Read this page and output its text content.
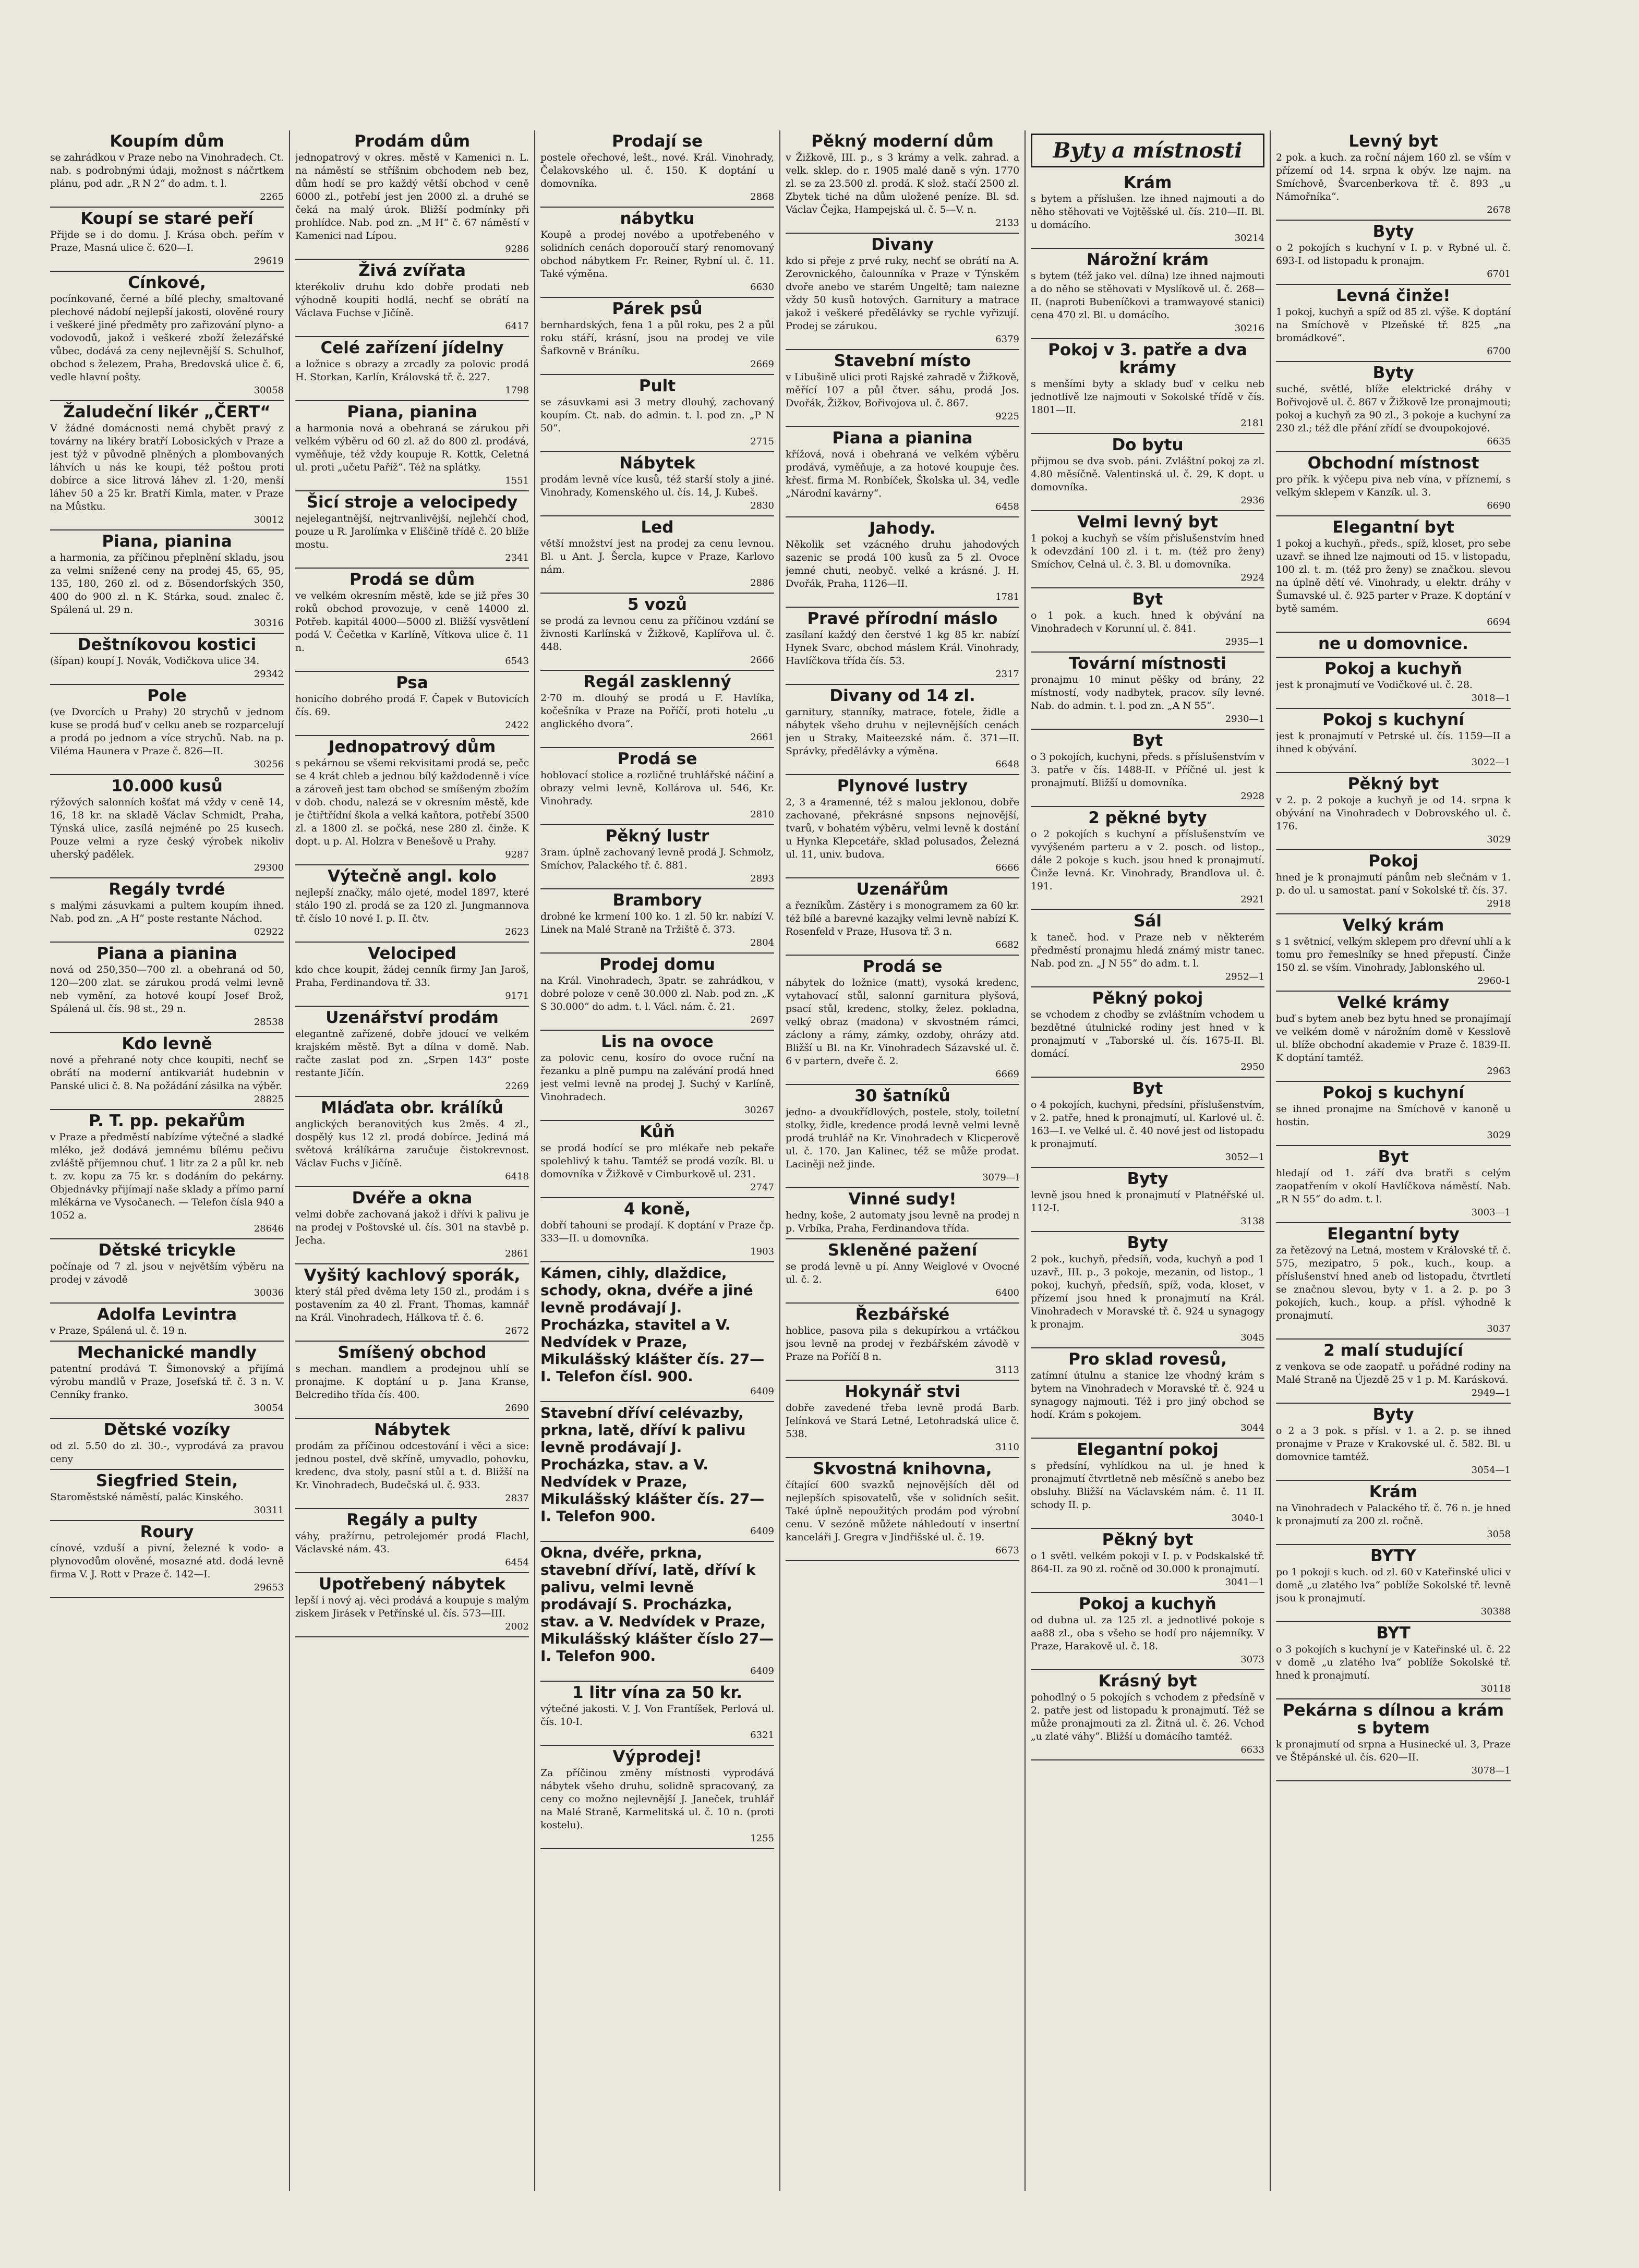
Koupím dům
se zahrádkou v Praze nebo na Vinohradech. Ct. nab. s podrobnými údaji, možnost s náčrtkem plánu, pod adr. „R N 2“ do adm. t. l.
2265
Koupí se staré peří
Přijde se i do domu. J. Krása obch. peřím v Praze, Masná ulice č. 620—I.
29619
Cínkové,
pocínkované, černé a bílé plechy, smaltované plechové nádobí nejlepší jakosti, olověné roury i veškeré jiné předměty pro zařizování plyno- a vodovodů, jakož i veškeré zboží železářské vůbec, dodává za ceny nejlevnější S. Schulhof, obchod s železem, Praha, Bredovská ulice č. 6, vedle hlavní pošty.
30058
Žaludeční likér „ČERT“
V žádné domácnosti nemá chybět pravý z továrny na likéry bratří Lobosických v Praze a jest týž v původně plněných a plombovaných láhvích u nás ke koupi, též poštou proti dobírce a sice litrová láhev zl. 1·20, menší láhev 50 a 25 kr. Bratří Kimla, mater. v Praze na Můstku.
30012
Piana, pianina
a harmonia, za příčinou přeplnění skladu, jsou za velmi snížené ceny na prodej 45, 65, 95, 135, 180, 260 zl. od z. Bösendorfských 350, 400 do 900 zl. n K. Stárka, soud. znalec č. Spálená ul. 29 n.
30316
Deštníkovou kostici
(šípan) koupí J. Novák, Vodičkova ulice 34.
29342
Pole
(ve Dvorcích u Prahy) 20 strychů v jednom kuse se prodá buď v celku aneb se rozparcelují a prodá po jednom a více strychů. Nab. na p. Viléma Haunera v Praze č. 826—II.
30256
10.000 kusů
rýžových salonních košťat má vždy v ceně 14, 16, 18 kr. na skladě Václav Schmidt, Praha, Týnská ulice, zasílá nejméně po 25 kusech. Pouze velmi a ryze český výrobek nikoliv uherský padělek.
29300
Regály tvrdé
s malými zásuvkami a pultem koupím ihned. Nab. pod zn. „A H“ poste restante Náchod.
02922
Piana a pianina
nová od 250,350—700 zl. a obehraná od 50, 120—200 zlat. se zárukou prodá velmi levně neb vymění, za hotové koupí Josef Brož, Spálená ul. čís. 98 st., 29 n.
28538
Kdo levně
nové a přehrané noty chce koupiti, nechť se obrátí na moderní antikvariát hudebnin v Panské ulici č. 8. Na požádání zásilka na výběr.
28825
P. T. pp. pekařům
v Praze a předměstí nabízíme výtečné a sladké mléko, jež dodává jemnému bílému pečivu zvláště příjemnou chuť. 1 litr za 2 a půl kr. neb t. zv. kopu za 75 kr. s dodáním do pekárny. Objednávky přijímají naše sklady a přímo parní mlékárna ve Vysočanech. — Telefon čísla 940 a 1052 a.
28646
Dětské tricykle
počínaje od 7 zl. jsou v největším výběru na prodej v závodě
30036
Adolfa Levintra
v Praze, Spálená ul. č. 19 n.
Mechanické mandly
patentní prodává T. Šimonovský a přijímá výrobu mandlů v Praze, Josefská tř. č. 3 n. V. Cenníky franko.
30054
Dětské vozíky
od zl. 5.50 do zl. 30.-, vyprodává za pravou ceny
Siegfried Stein,
Staroměstské náměstí, palác Kinského.
30311
Roury
cínové, vzduší a pivní, železné k vodo- a plynovodům olověné, mosazné atd. dodá levně firma V. J. Rott v Praze č. 142—I.
29653
Prodám dům
jednopatrový v okres. městě v Kamenici n. L. na náměstí se stříšnim obchodem neb bez, dům hodí se pro každý větší obchod v ceně 6000 zl., potřebí jest jen 2000 zl. a druhé se čeká na malý úrok. Bližší podmínky při prohlídce. Nab. pod zn. „M H“ č. 67 náměstí v Kamenici nad Lípou.
9286
Živá zvířata
kterékoliv druhu kdo dobře prodati neb výhodně koupiti hodlá, nechť se obrátí na Václava Fuchse v Jičíně.
6417
Celé zařízení jídelny
a ložnice s obrazy a zrcadly za polovic prodá H. Storkan, Karlín, Královská tř. č. 227.
1798
Piana, pianina
a harmonia nová a obehraná se zárukou při velkém výběru od 60 zl. až do 800 zl. prodává, vyměňuje, též vždy koupuje R. Kottk, Celetná ul. proti „učetu Paříž“. Též na splátky.
1551
Šicí stroje a velocipedy
nejelegantnější, nejtrvanlivější, nejlehčí chod, pouze u R. Jarolímka v Eliščině třídě č. 20 blíže mostu.
2341
Prodá se dům
ve velkém okresním městě, kde se již přes 30 roků obchod provozuje, v ceně 14000 zl. Potřeb. kapitál 4000—5000 zl. Bližší vysvětlení podá V. Čečetka v Karlíně, Vítkova ulice č. 11 n.
6543
Psa
honicího dobrého prodá F. Čapek v Butovicích čís. 69.
2422
Jednopatrový dům
s pekárnou se všemi rekvisitami prodá se, pečc se 4 krát chleb a jednou bílý každodenně i více a zároveň jest tam obchod se smíšeným zbožím v dob. chodu, nalezá se v okresním městě, kde je čtiřtřídní škola a velká kaňtora, potřebí 3500 zl. a 1800 zl. se počká, nese 280 zl. činže. K dopt. u p. Al. Holzra v Benešově u Prahy.
9287
Výtečně angl. kolo
nejlepší značky, málo ojeté, model 1897, které stálo 190 zl. prodá se za 120 zl. Jungmannova tř. číslo 10 nové I. p. II. čtv.
2623
Velociped
kdo chce koupit, žádej cenník firmy Jan Jaroš, Praha, Ferdinandova tř. 33.
9171
Uzenářství prodám
elegantně zařízené, dobře jdoucí ve velkém krajském městě. Byt a dílna v domě. Nab. račte zaslat pod zn. „Srpen 143“ poste restante Jičín.
2269
Mláďata obr. králíků
anglických beranovitých kus 2měs. 4 zl., dospělý kus 12 zl. prodá dobírce. Jediná má světová králíkárna zaručuje čistokrevnost. Václav Fuchs v Jičíně.
6418
Dvéře a okna
velmi dobře zachovaná jakož i dřívi k palivu je na prodej v Poštovské ul. čís. 301 na stavbě p. Jecha.
2861
Vyšitý kachlový sporák,
který stál před dvěma lety 150 zl., prodám i s postavením za 40 zl. Frant. Thomas, kamnář na Král. Vinohradech, Hálkova tř. č. 6.
2672
Smíšený obchod
s mechan. mandlem a prodejnou uhlí se pronajme. K doptání u p. Jana Kranse, Belcrediho třída čís. 400.
2690
Nábytek
prodám za příčinou odcestování i věci a sice: jednou postel, dvě skříně, umyvadlo, pohovku, kredenc, dva stoly, pasní stůl a t. d. Bližší na Kr. Vinohradech, Budečská ul. č. 933.
2837
Regály a pulty
váhy, pražírnu, petrolejomér prodá Flachl, Václavské nám. 43.
6454
Upotřebený nábytek
lepší i nový aj. věci prodává a koupuje s malým ziskem Jirásek v Petřínské ul. čís. 573—III.
2002
Prodají se
postele ořechové, lešt., nové. Král. Vinohrady, Čelakovského ul. č. 150. K doptání u domovníka.
2868
nábytku
Koupě a prodej novébo a upotřebeného v solidních cenách doporoučí starý renomovaný obchod nábytkem Fr. Reiner, Rybní ul. č. 11. Také výměna.
6630
Párek psů
bernhardských, fena 1 a půl roku, pes 2 a půl roku stáří, krásní, jsou na prodej ve vile Šafkovně v Bráníku.
2669
Pult
se zásuvkami asi 3 metry dlouhý, zachovaný koupím. Ct. nab. do admin. t. l. pod zn. „P N 50“.
2715
Nábytek
prodám levně více kusů, též starší stoly a jiné. Vinohrady, Komenského ul. čís. 14, J. Kubeš.
2830
Led
větší množství jest na prodej za cenu levnou. Bl. u Ant. J. Šercla, kupce v Praze, Karlovo nám.
2886
5 vozů
se prodá za levnou cenu za příčinou vzdání se živnosti Karlínská v Žižkově, Kaplířova ul. č. 448.
2666
Regál zasklenný
2·70 m. dlouhý se prodá u F. Havlíka, kočešníka v Praze na Poříčí, proti hotelu „u anglického dvora“.
2661
Prodá se
hoblovací stolice a rozličné truhlářské náčiní a obrazy velmi levně, Kollárova ul. 546, Kr. Vinohrady.
2810
Pěkný lustr
3ram. úplně zachovaný levně prodá J. Schmolz, Smíchov, Palackého tř. č. 881.
2893
Brambory
drobné ke krmení 100 ko. 1 zl. 50 kr. nabízí V. Linek na Malé Straně na Tržiště č. 373.
2804
Prodej domu
na Král. Vinohradech, 3patr. se zahrádkou, v dobré poloze v ceně 30.000 zl. Nab. pod zn. „K S 30.000“ do adm. t. l. Václ. nám. č. 21.
2697
Lis na ovoce
za polovic cenu, kosíro do ovoce ruční na řezanku a plně pumpu na zalévání prodá hned jest velmi levně na prodej J. Suchý v Karlíně, Vinohradech.
30267
Kůň
se prodá hodící se pro mlékaře neb pekaře spolehlivý k tahu. Tamtéž se prodá vozík. Bl. u domovníka v Žižkově v Cimburkově ul. 231.
2747
4 koně,
dobří tahouni se prodají. K doptání v Praze čp. 333—II. u domovníka.
1903
Kámen, cihly, dlaždice, schody, okna, dvéře a jiné levně prodávají J. Procházka, stavitel a V. Nedvídek v Praze, Mikulášský klášter čís. 27—I. Telefon čísl. 900.
6409
Stavební dříví celévazby, prkna, latě, dříví k palivu levně prodávají J. Procházka, stav. a V. Nedvídek v Praze, Mikulášský klášter čís. 27—I. Telefon 900.
6409
Okna, dvéře, prkna, stavební dříví, latě, dříví k palivu, velmi levně prodávají S. Procházka, stav. a V. Nedvídek v Praze, Mikulášský klášter číslo 27—I. Telefon 900.
6409
1 litr vína za 50 kr.
výtečné jakosti. V. J. Von Frantíšek, Perlová ul. čís. 10-I.
6321
Výprodej!
Za příčinou změny místnosti vyprodává nábytek všeho druhu, solidně spracovaný, za ceny co možno nejlevnější J. Janeček, truhlář na Malé Straně, Karmelitská ul. č. 10 n. (proti kostelu).
1255
Pěkný moderní dům
v Žižkově, III. p., s 3 krámy a velk. zahrad. a velk. sklep. do r. 1905 malé daně s výn. 1770 zl. se za 23.500 zl. prodá. K slož. stačí 2500 zl. Zbytek tiché na dům uložené peníze. Bl. sd. Václav Čejka, Hampejská ul. č. 5—V. n.
2133
Divany
kdo si přeje z prvé ruky, nechť se obrátí na A. Zerovnického, čalounníka v Praze v Týnském dvoře anebo ve starém Ungeltě; tam nalezne vždy 50 kusů hotových. Garnitury a matrace jakož i veškeré předělávky se rychle vyřizují. Prodej se zárukou.
6379
Stavební místo
v Libušině ulici proti Rajské zahradě v Žižkově, měřící 107 a půl čtver. sáhu, prodá Jos. Dvořák, Žižkov, Bořivojova ul. č. 867.
9225
Piana a pianina
křížová, nová i obehraná ve velkém výběru prodává, vyměňuje, a za hotové koupuje čes. křesť. firma M. Ronbíček, Školska ul. 34, vedle „Národní kavárny“.
6458
Jahody.
Několik set vzácného druhu jahodových sazenic se prodá 100 kusů za 5 zl. Ovoce jemné chuti, neobyč. velké a krásné. J. H. Dvořák, Praha, 1126—II.
1781
Pravé přírodní máslo
zasílaní každý den čerstvé 1 kg 85 kr. nabízí Hynek Svarc, obchod máslem Král. Vinohrady, Havlíčkova třída čís. 53.
2317
Divany od 14 zl.
garnitury, stanníky, matrace, fotele, židle a nábytek všeho druhu v nejlevnějších cenách jen u Straky, Maiteezské nám. č. 371—II. Správky, předělávky a výměna.
6648
Plynové lustry
2, 3 a 4ramenné, též s malou jeklonou, dobře zachované, překrásné snpsons nejnovější, tvarů, v bohatém výběru, velmi levně k dostání u Hynka Klepcetáře, sklad polusados, Železná ul. 11, univ. budova.
6666
Uzenářům
a řezníkům. Zástěry i s monogramem za 60 kr. též bílé a barevné kazajky velmi levně nabízí K. Rosenfeld v Praze, Husova tř. 3 n.
6682
Prodá se
nábytek do ložnice (matt), vysoká kredenc, vytahovací stůl, salonní garnitura plyšová, psací stůl, kredenc, stolky, želez. pokladna, velký obraz (madona) v skvostném rámci, záclony a rámy, zámky, ozdoby, ohrázy atd. Bližší u Bl. na Kr. Vinohradech Sázavské ul. č. 6 v partern, dveře č. 2.
6669
30 šatníků
jedno- a dvoukřídlových, postele, stoly, toiletní stolky, židle, kredence prodá levně velmi levně prodá truhlář na Kr. Vinohradech v Klicperově ul. č. 170. Jan Kalinec, též se může prodat. Laciněji než jinde.
3079—I
Vinné sudy!
hedny, koše, 2 automaty jsou levně na prodej n p. Vrbíka, Praha, Ferdinandova třída.
Skleněné pažení
se prodá levně u pí. Anny Weiglové v Ovocné ul. č. 2.
6400
Řezbářské
hoblice, pasova pila s dekupírkou a vrtáčkou jsou levně na prodej v řezbářském závodě v Praze na Poříčí 8 n.
3113
Hokynář stvi
dobře zavedené třeba levně prodá Barb. Jelínková ve Stará Letné, Letohradská ulice č. 538.
3110
Skvostná knihovna,
čítající 600 svazků nejnovějších děl od nejlepších spisovatelů, vše v solidních sešit. Také úplně nepoužitých prodám pod výrobní cenu. V sezóně můžete náhledoutí v insertní kanceláři J. Gregra v Jindřišské ul. č. 19.
6673
Byty a místnosti
Krám
s bytem a příslušen. lze ihned najmouti a do něho stěhovati ve Vojtěšské ul. čís. 210—II. Bl. u domácího.
30214
Nárožní krám
s bytem (též jako vel. dílna) lze ihned najmouti a do něho se stěhovati v Myslíkově ul. č. 268—II. (naproti Bubeníčkovi a tramwayové stanici) cena 470 zl. Bl. u domácího.
30216
Pokoj v 3. patře a dva krámy
s menšími byty a sklady buď v celku neb jednotlivě lze najmouti v Sokolské třídě v čís. 1801—II.
2181
Do bytu
přijmou se dva svob. páni. Zvláštní pokoj za zl. 4.80 měsíčně. Valentinská ul. č. 29, K dopt. u domovníka.
2936
Velmi levný byt
1 pokoj a kuchyň se vším příslušenstvím hned k odevzdání 100 zl. i t. m. (též pro ženy) Smíchov, Celná ul. č. 3. Bl. u domovníka.
2924
Byt
o 1 pok. a kuch. hned k obývání na Vinohradech v Korunní ul. č. 841.
2935—1
Tovární místnosti
pronajmu 10 minut pěšky od brány, 22 místností, vody nadbytek, pracov. síly levné. Nab. do admin. t. l. pod zn. „A N 55“.
2930—1
Byt
o 3 pokojích, kuchyni, předs. s příslušenstvím v 3. patře v čís. 1488-II. v Příčné ul. jest k pronajmutí. Bližší u domovníka.
2928
2 pěkné byty
o 2 pokojích s kuchyní a příslušenstvím ve vyvýšeném parteru a v 2. posch. od listop., dále 2 pokoje s kuch. jsou hned k pronajmutí. Činže levná. Kr. Vinohrady, Brandlova ul. č. 191.
2921
Sál
k taneč. hod. v Praze neb v některém předměstí pronajmu hledá známý mistr tanec. Nab. pod zn. „J N 55“ do adm. t. l.
2952—1
Pěkný pokoj
se vchodem z chodby se zvláštním vchodem u bezdětné útulnické rodiny jest hned v k pronajmutí v „Taborské ul. čís. 1675-II. Bl. domácí.
2950
Byt
o 4 pokojích, kuchyni, předsíni, příslušenstvím, v 2. patře, hned k pronajmutí, ul. Karlové ul. č. 163—I. ve Velké ul. č. 40 nové jest od listopadu k pronajmutí.
3052—1
Byty
levně jsou hned k pronajmutí v Platnéřské ul. 112-I.
3138
Byty
2 pok., kuchyň, předsíň, voda, kuchyň a pod 1 uzavř., III. p., 3 pokoje, mezanin, od listop., 1 pokoj, kuchyň, předsíň, spíž, voda, kloset, v přízemí jsou hned k pronajmutí na Král. Vinohradech v Moravské tř. č. 924 u synagogy k pronajm.
3045
Pro sklad rovesů,
zatímní útulnu a stanice lze vhodný krám s bytem na Vinohradech v Moravské tř. č. 924 u synagogy najmouti. Též i pro jiný obchod se hodí. Krám s pokojem.
3044
Elegantní pokoj
s předsíní, vyhlídkou na ul. je hned k pronajmutí čtvrtletně neb měsíčně s anebo bez obsluhy. Bližší na Václavském nám. č. 11 II. schody II. p.
3040-1
Pěkný byt
o 1 světl. velkém pokoji v I. p. v Podskalské tř. 864-II. za 90 zl. ročně od 30.000 k pronajmutí.
3041—1
Pokoj a kuchyň
od dubna ul. za 125 zl. a jednotlivé pokoje s aa88 zl., oba s všeho se hodí pro nájemníky. V Praze, Harakově ul. č. 18.
3073
Krásný byt
pohodlný o 5 pokojích s vchodem z předsíně v 2. patře jest od listopadu k pronajmutí. Též se může pronajmouti za zl. Žitná ul. č. 26. Vchod „u zlaté váhy“. Bližší u domácího tamtéž.
6633
Levný byt
2 pok. a kuch. za roční nájem 160 zl. se vším v přízemí od 14. srpna k obýv. lze najm. na Smíchově, Švarcenberkova tř. č. 893 „u Námořníka“.
2678
Byty
o 2 pokojích s kuchyní v I. p. v Rybné ul. č. 693-I. od listopadu k pronajm.
6701
Levná činže!
1 pokoj, kuchyň a spíž od 85 zl. výše. K doptání na Smíchově v Plzeňské tř. 825 „na bromádkové“.
6700
Byty
suché, světlé, blíže elektrické dráhy v Bořivojově ul. č. 867 v Žižkově lze pronajmouti; pokoj a kuchyň za 90 zl., 3 pokoje a kuchyní za 230 zl.; též dle přání zřídí se dvoupokojové.
6635
Obchodní místnost
pro přík. k výčepu piva neb vína, v příznemí, s velkým sklepem v Kanzík. ul. 3.
6690
Elegantní byt
1 pokoj a kuchyň., předs., spíž, kloset, pro sebe uzavř. se ihned lze najmouti od 15. v listopadu, 100 zl. t. m. (též pro ženy) se značkou. slevou na úplně dětí vé. Vinohrady, u elektr. dráhy v Šumavské ul. č. 925 parter v Praze. K doptání v bytě samém.
6694
ne u domovnice.
Pokoj a kuchyň
jest k pronajmutí ve Vodičkové ul. č. 28.
3018—1
Pokoj s kuchyní
jest k pronajmutí v Petrské ul. čís. 1159—II a ihned k obývání.
3022—1
Pěkný byt
v 2. p. 2 pokoje a kuchyň je od 14. srpna k obývání na Vinohradech v Dobrovského ul. č. 176.
3029
Pokoj
hned je k pronajmutí pánům neb slečnám v 1. p. do ul. u samostat. paní v Sokolské tř. čís. 37.
2918
Velký krám
s 1 světnicí, velkým sklepem pro dřevní uhlí a k tomu pro řemeslníky se hned přepustí. Činže 150 zl. se vším. Vinohrady, Jablonského ul.
2960-1
Velké krámy
buď s bytem aneb bez bytu hned se pronajímají ve velkém domě v nárožním domě v Kesslově ul. blíže obchodní akademie v Praze č. 1839-II. K doptání tamtéž.
2963
Pokoj s kuchyní
se ihned pronajme na Smíchově v kanoně u hostin.
3029
Byt
hledají od 1. září dva bratři s celým zaopatřením v okolí Havlíčkova náměstí. Nab. „R N 55“ do adm. t. l.
3003—1
Elegantní byty
za řetězový na Letná, mostem v Královské tř. č. 575, mezipatro, 5 pok., kuch., koup. a příslušenství hned aneb od listopadu, čtvrtletí se značnou slevou, byty v 1. a 2. p. po 3 pokojích, kuch., koup. a přísl. výhodně k pronajmutí.
3037
2 malí studující
z venkova se ode zaopatř. u pořádné rodiny na Malé Straně na Újezdě 25 v 1 p. M. Karásková.
2949—1
Byty
o 2 a 3 pok. s přísl. v 1. a 2. p. se ihned pronajme v Praze v Krakovské ul. č. 582. Bl. u domovnice tamtéž.
3054—1
Krám
na Vinohradech v Palackého tř. č. 76 n. je hned k pronajmutí za 200 zl. ročně.
3058
BYTY
po 1 pokoji s kuch. od zl. 60 v Kateřinské ulici v domě „u zlatého lva“ poblíže Sokolské tř. levně jsou k pronajmutí.
30388
BYT
o 3 pokojích s kuchyní je v Kateřinské ul. č. 22 v domě „u zlatého lva“ poblíže Sokolské tř. hned k pronajmutí.
30118
Pekárna s dílnou a krám s bytem
k pronajmutí od srpna a Husinecké ul. 3, Praze ve Štěpánské ul. čís. 620—II.
3078—1
